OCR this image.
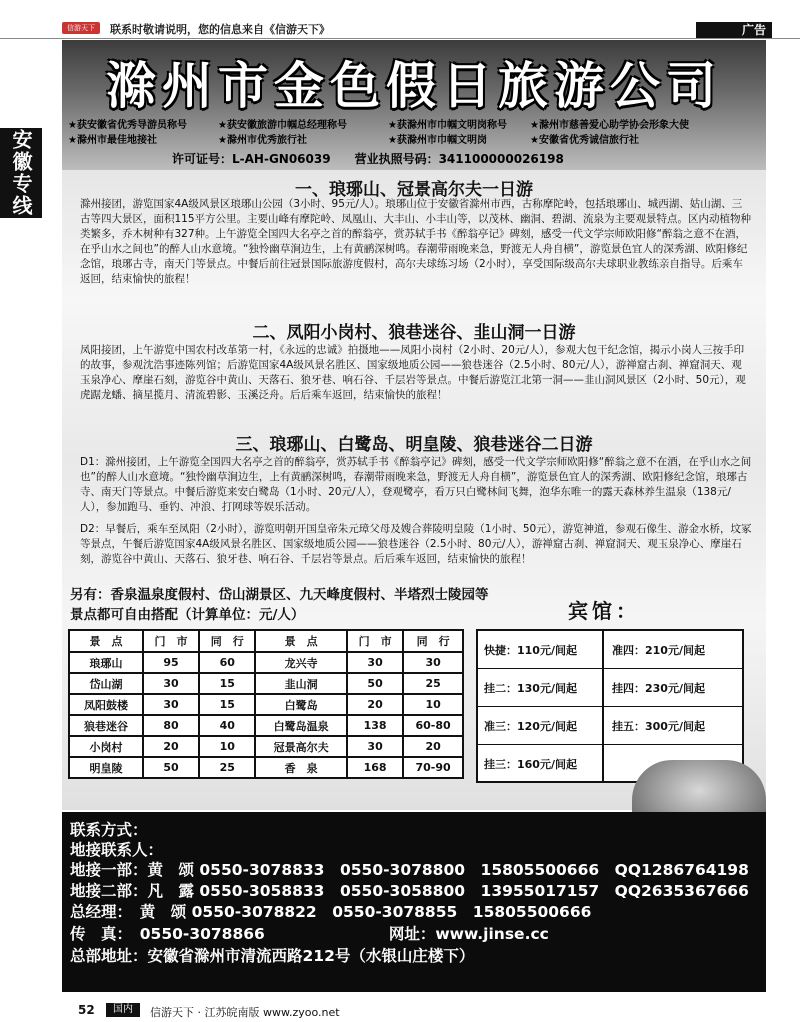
信游天下	联系时敬请说明，您的信息来自《信游天下》	广告
安徽专线
滁州市金色假日旅游公司
★获安徽省优秀导游员称号	★获安徽旅游巾帼总经理称号	★获滁州市巾帼文明岗称号 ★滁州市慈善爱心助学协会形象大使
★滁州市最佳地接社	★滁州市优秀旅行社	★获滁州市巾帼文明岗	★安徽省优秀诚信旅行社
许可证号：L-AH-GN06039　　营业执照号码：341100000026198
一、琅琊山、冠景高尔夫一日游
滁州接团，游览国家4A级风景区琅琊山公园（3小时、95元/人）。琅琊山位于安徽省滁州市西，古称摩陀岭，包括琅琊山、城西湖、姑山湖、三古等四大景区，面积115平方公里。主要山峰有摩陀岭、凤凰山、大丰山、小丰山等，以茂林、幽洞、碧湖、流泉为主要观景特点。区内动植物种类繁多，乔木树种有327种。上午游览全国四大名亭之首的醉翁亭，赏苏轼手书《醉翁亭记》碑刻，感受一代文学宗师欧阳修“醉翁之意不在酒，在乎山水之间也”的醉人山水意境。“独怜幽草涧边生，上有黄鹂深树鸣。春潮带雨晚来急，野渡无人舟自横”，游览景色宜人的深秀湖、欧阳修纪念馆，琅琊古寺，南天门等景点。中餐后前往冠景国际旅游度假村，高尔夫球练习场（2小时），享受国际级高尔夫球职业教练亲自指导。后乘车返回，结束愉快的旅程！
二、凤阳小岗村、狼巷迷谷、韭山洞一日游
凤阳接团，上午游览中国农村改革第一村，《永远的忠诚》拍摄地——凤阳小岗村（2小时、20元/人），参观大包干纪念馆，揭示小岗人三按手印的故事，参观沈浩事迹陈列馆；后游览国家4A级风景名胜区、国家级地质公园——狼巷迷谷（2.5小时、80元/人），游禅窟古刹、禅窟洞天、观玉泉净心、摩崖石刻，游览谷中黄山、天落石、狼牙巷、响石谷、千层岩等景点。中餐后游览江北第一洞——韭山洞风景区（2小时、50元），观虎踞龙蟠、摘星揽月、清流碧影、玉溪泛舟。后后乘车返回，结束愉快的旅程！
三、琅琊山、白鹭岛、明皇陵、狼巷迷谷二日游
D1：滁州接团，上午游览全国四大名亭之首的醉翁亭，赏苏轼手书《醉翁亭记》碑刻，感受一代文学宗师欧阳修“醉翁之意不在酒，在乎山水之间也”的醉人山水意境。“独怜幽草涧边生，上有黄鹂深树鸣，春潮带雨晚来急，野渡无人舟自横”，游览景色宜人的深秀湖、欧阳修纪念馆，琅琊古寺、南天门等景点。中餐后游览来安白鹭岛（1小时、20元/人），登观鹭亭，看万只白鹭林间飞舞，泡华东唯一的露天森林养生温泉（138元/人），参加跑马、垂钓、冲浪、打网球等娱乐活动。
D2：早餐后，乘车至凤阳（2小时），游览明朝开国皇帝朱元璋父母及嫂合葬陵明皇陵（1小时、50元），游览神道，参观石像生、游金水桥，坟冢等景点，午餐后游览国家4A级风景名胜区、国家级地质公园——狼巷迷谷（2.5小时、80元/人），游禅窟古刹、禅窟洞天、观玉泉净心、摩崖石刻，游览谷中黄山、天落石、狼牙巷、响石谷、千层岩等景点。后后乘车返回，结束愉快的旅程！
另有：香泉温泉度假村、岱山湖景区、九天峰度假村、半塔烈士陵园等景点都可自由搭配（计算单位：元/人）	宾馆：
景　点	门　市	同　行	景　点	门　市	同　行
琅琊山	95	60	龙兴寺	30	30
岱山湖	30	15	韭山洞	50	25
凤阳鼓楼	30	15	白鹭岛	20	10
狼巷迷谷	80	40	白鹭岛温泉	138	60-80
小岗村	20	10	冠景高尔夫	30	20
明皇陵	50	25	香　泉	168	70-90
快捷：110元/间起	准四：210元/间起
挂二：130元/间起	挂四：230元/间起
准三：120元/间起	挂五：300元/间起
挂三：160元/间起
联系方式：
地接联系人：
地接一部：黄　颂 0550-3078833　0550-3078800　15805500666　QQ1286764198
地接二部：凡　露 0550-3058833　0550-3058800　13955017157　QQ2635367666
总经理：　黄　颂 0550-3078822　0550-3078855　15805500666
传　真：　0550-3078866　　　　　　　　网址：www.jinse.cc
总部地址：安徽省滁州市清流西路212号（水银山庄楼下）
52	国内	信游天下 · 江苏皖南版 www.zyoo.net
